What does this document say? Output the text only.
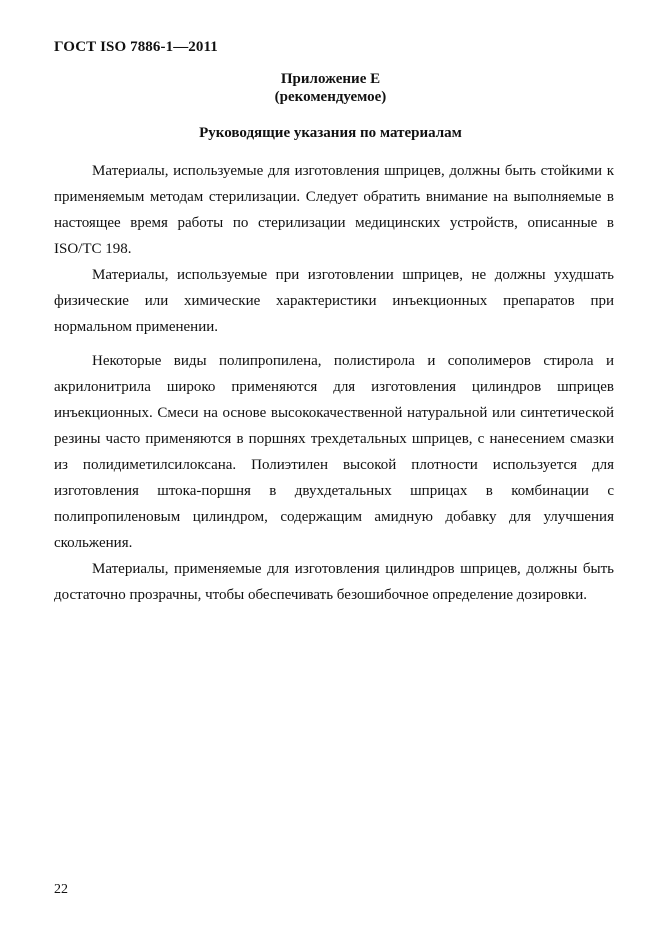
ГОСТ ISO 7886-1—2011
Приложение Е
(рекомендуемое)
Руководящие указания по материалам

Материалы, используемые для изготовления шприцев, должны быть стойкими к применяемым методам стерилизации. Следует обратить внимание на выполняемые в настоящее время работы по стерилизации медицинских устройств, описанные в ISO/TC 198.

Материалы, используемые при изготовлении шприцев, не должны ухудшать физические или химические характеристики инъекционных препаратов при нормальном применении.

Некоторые виды полипропилена, полистирола и сополимеров стирола и акрилонитрила широко применяются для изготовления цилиндров шприцев инъекционных. Смеси на основе высококачественной натуральной или синтетической резины часто применяются в поршнях трехдетальных шприцев, с нанесением смазки из полидиметилсилоксана. Полиэтилен высокой плотности используется для изготовления штока-поршня в двухдетальных шприцах в комбинации с полипропиленовым цилиндром, содержащим амидную добавку для улучшения скольжения.

Материалы, применяемые для изготовления цилиндров шприцев, должны быть достаточно прозрачны, чтобы обеспечивать безошибочное определение дозировки.

22
